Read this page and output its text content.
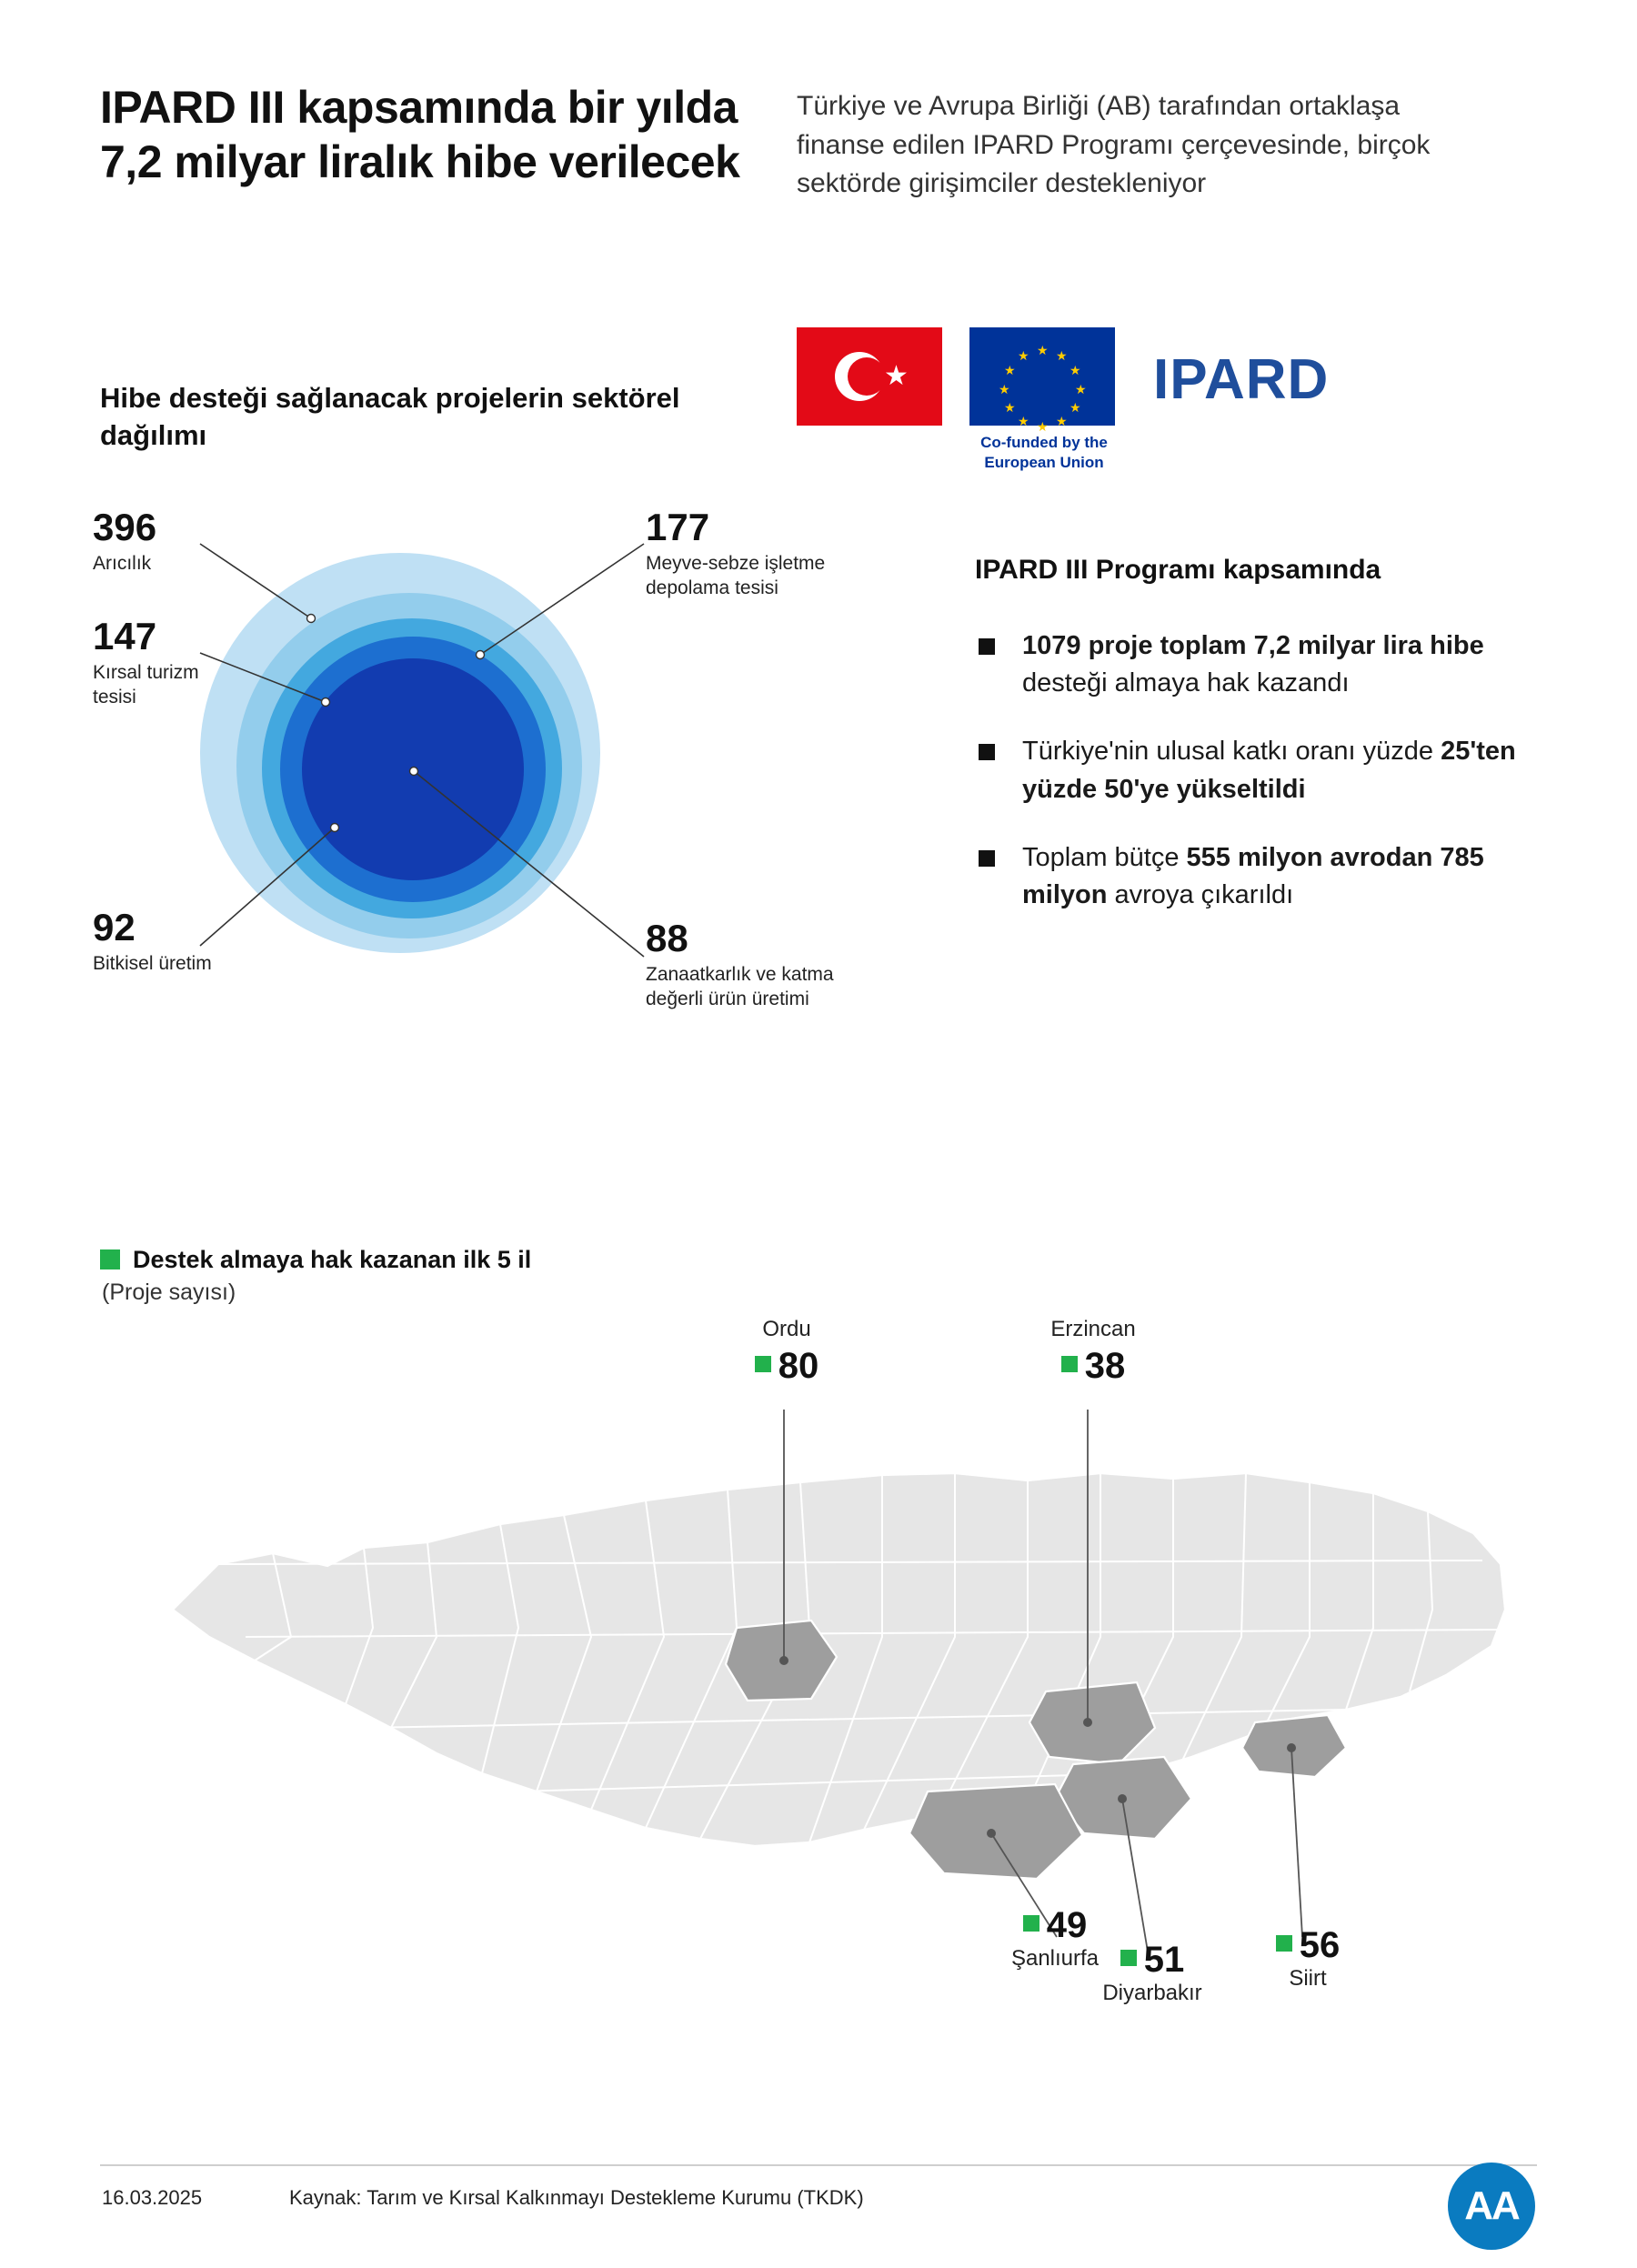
IPARD III kapsamında bir yılda 7,2 milyar liralık hibe verilecek
Türkiye ve Avrupa Birliği (AB) tarafından ortaklaşa finanse edilen IPARD Programı çerçevesinde, birçok sektörde girişimciler destekleniyor
★
★ ★
★
★
★
★
★
★
★
★
★
★
Co-funded by the European Union
IPARD
Hibe desteği sağlanacak projelerin sektörel dağılımı
396
Arıcılık
177
Meyve-sebze işletme depolama tesisi
147
Kırsal turizm tesisi
92
Bitkisel üretim
88
Zanaatkarlık ve katma değerli ürün üretimi
IPARD III Programı kapsamında
1079 proje toplam 7,2 milyar lira hibe desteği almaya hak kazandı
Türkiye'nin ulusal katkı oranı yüzde 25'ten yüzde 50'ye yükseltildi
Toplam bütçe 555 milyon avrodan 785 milyon avroya çıkarıldı
Destek almaya hak kazanan ilk 5 il
(Proje sayısı)
Ordu
80
Erzincan
38
56
Siirt
51
Diyarbakır
49
Şanlıurfa
16.03.2025	Kaynak: Tarım ve Kırsal Kalkınmayı Destekleme Kurumu (TKDK)	AA
